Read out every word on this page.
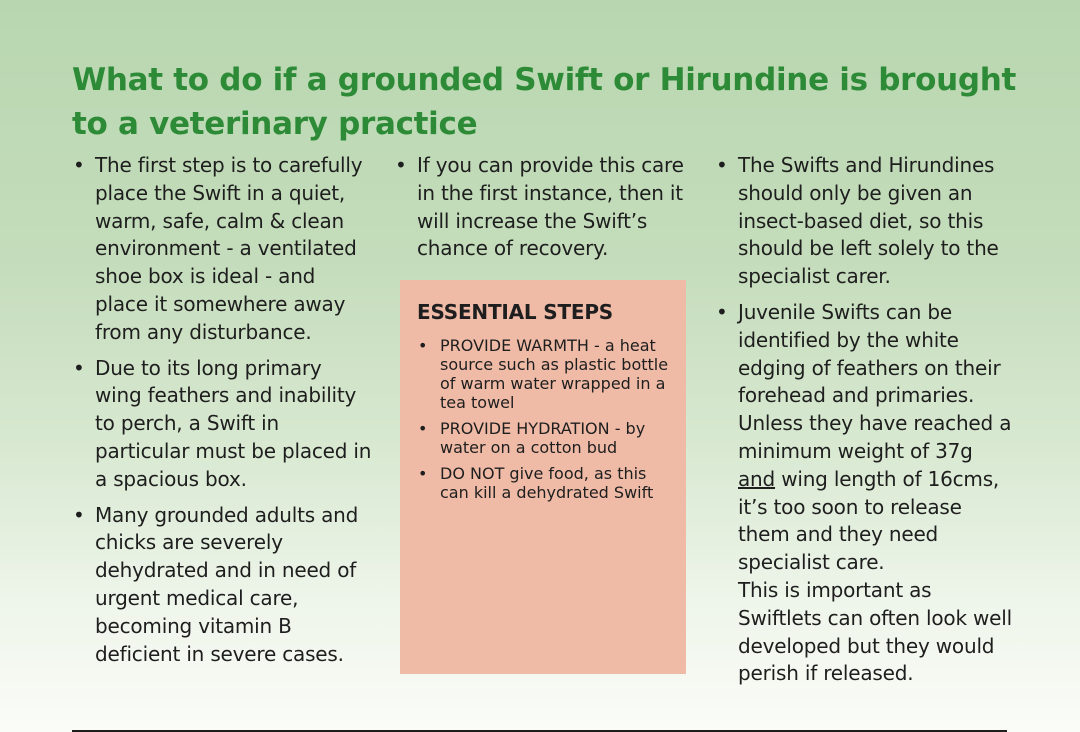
What to do if a grounded Swift or Hirundine is brought to a veterinary practice
• The first step is to carefully place the Swift in a quiet, warm, safe, calm & clean environment - a ventilated shoe box is ideal - and place it somewhere away from any disturbance.
• Due to its long primary wing feathers and inability to perch, a Swift in particular must be placed in a spacious box.
• Many grounded adults and chicks are severely dehydrated and in need of urgent medical care, becoming vitamin B deficient in severe cases.
• If you can provide this care in the first instance, then it will increase the Swift’s chance of recovery.
ESSENTIAL STEPS
• PROVIDE WARMTH - a heat source such as plastic bottle of warm water wrapped in a tea towel
• PROVIDE HYDRATION - by water on a cotton bud
• DO NOT give food, as this can kill a dehydrated Swift
• The Swifts and Hirundines should only be given an insect-based diet, so this should be left solely to the specialist carer.
• Juvenile Swifts can be identified by the white edging of feathers on their forehead and primaries. Unless they have reached a minimum weight of 37g and wing length of 16cms, it’s too soon to release them and they need specialist care.
This is important as Swiftlets can often look well developed but they would perish if released.
